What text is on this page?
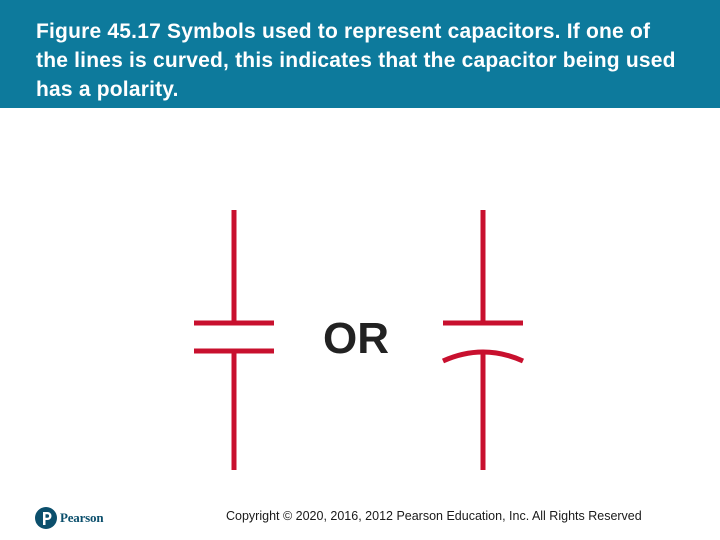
Figure 45.17 Symbols used to represent capacitors. If one of the lines is curved, this indicates that the capacitor being used has a polarity.
OR
Pearson	Copyright © 2020, 2016, 2012 Pearson Education, Inc. All Rights Reserved
